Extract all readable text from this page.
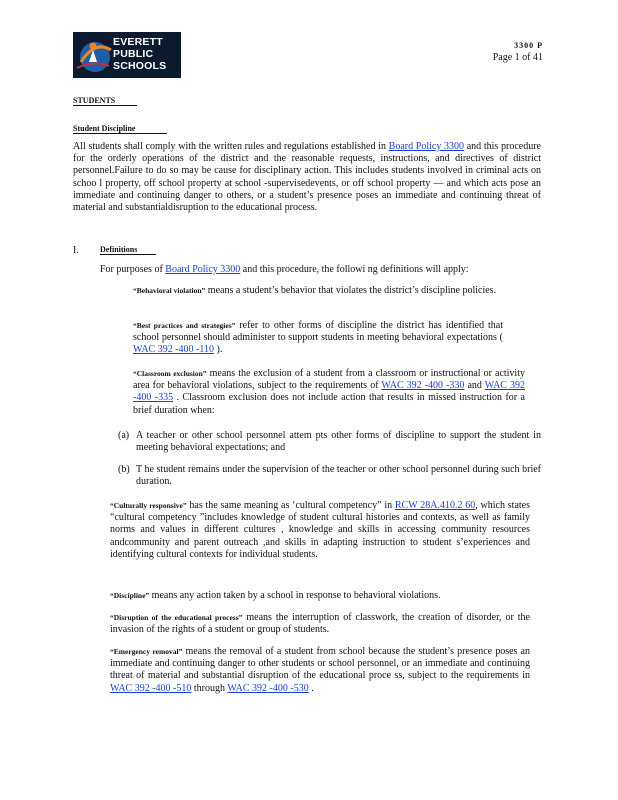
EVERETT
PUBLIC
SCHOOLS
3300 P
Page 1 of 41
STUDENTS
Student Discipline
All students shall comply with the written rules and regulations established in Board Policy 3300 and this procedure for the orderly operations of the district and the reasonable requests, instructions, and directives of district personnel.Failure to do so may be cause for disciplinary action. This includes students involved in criminal acts on schoo l property, off school property at school -supervisedevents, or off school property — and which acts pose an immediate and continuing danger to others, or a student’s presence poses an immediate and continuing threat of material and substantialdisruption to the educational process.
I.	Definitions
For purposes of Board Policy 3300 and this procedure, the followi ng definitions will apply:
“Behavioral violation” means a student’s behavior that violates the district’s discipline policies.
“Best practices and strategies” refer to other forms of discipline the district has identified that school personnel should administer to support students in meeting behavioral expectations ( WAC 392 -400 -110 ).
“Classroom exclusion” means the exclusion of a student from a classroom or instructional or activity area for behavioral violations, subject to the requirements of WAC 392 -400 -330 and WAC 392 -400 -335 . Classroom exclusion does not include action that results in missed instruction for a brief duration when:
(a) A teacher or other school personnel attem pts other forms of discipline to support the student in meeting behavioral expectations; and
(b) T he student remains under the supervision of the teacher or other school personnel during such brief duration.
“Culturally responsive” has the same meaning as ‘cultural competency” in RCW 28A.410.2 60, which states “cultural competency ”includes knowledge of student cultural histories and contexts, as well as family norms and values in different cultures , knowledge and skills in accessing community resources andcommunity and parent outreach ,and skills in adapting instruction to student s’experiences and identifying cultural contexts for individual students.
“Discipline” means any action taken by a school in response to behavioral violations.
“Disruption of the educational process” means the interruption of classwork, the creation of disorder, or the invasion of the rights of a student or group of students.
“Emergency removal” means the removal of a student from school because the student’s presence poses an immediate and continuing danger to other students or school personnel, or an immediate and continuing threat of material and substantial disruption of the educational proce ss, subject to the requirements in WAC 392 -400 -510 through WAC 392 -400 -530 .
